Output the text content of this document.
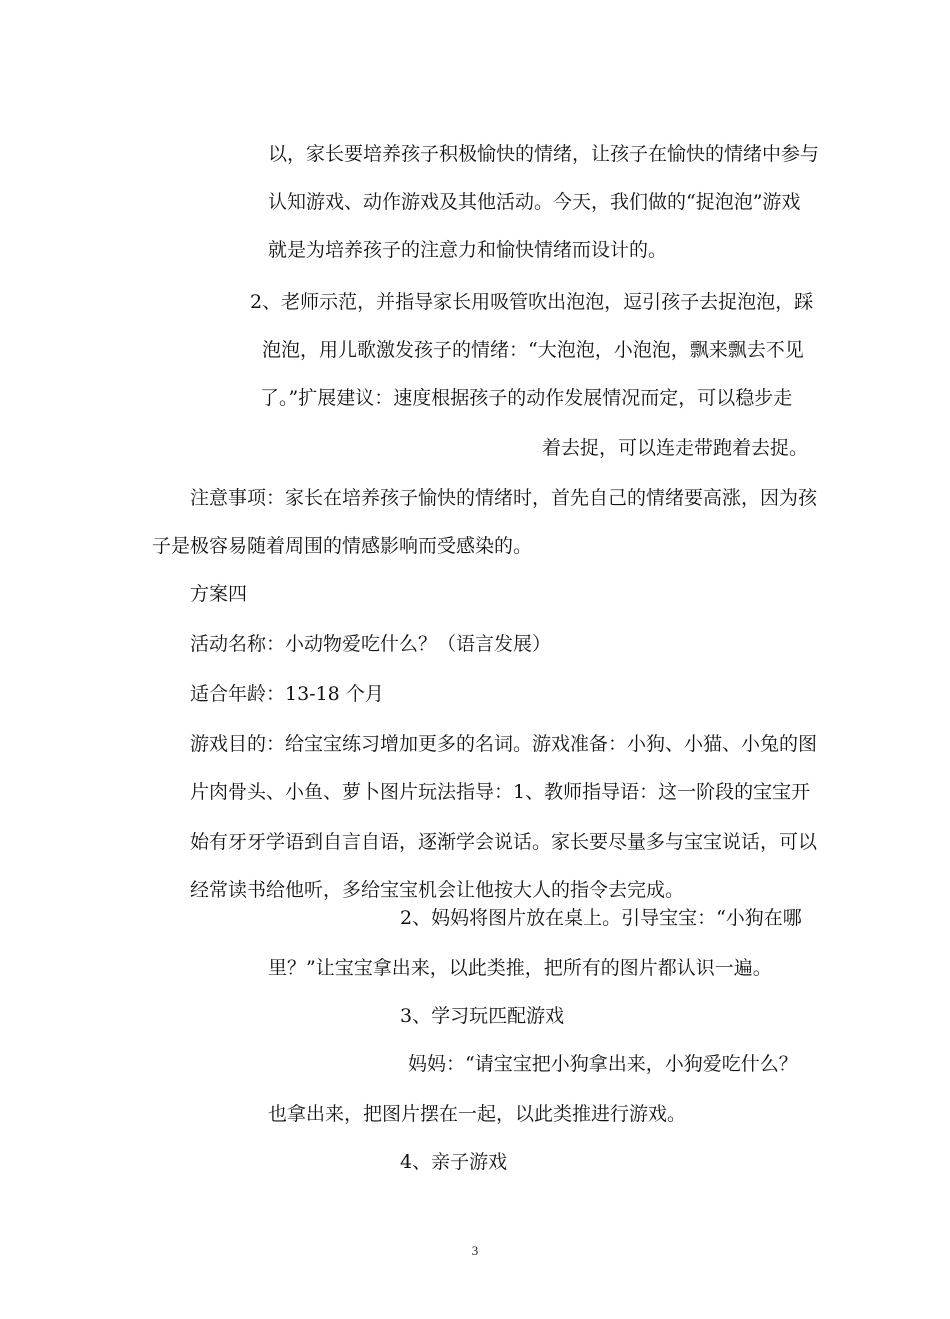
以，家长要培养孩子积极愉快的情绪，让孩子在愉快的情绪中参与
认知游戏、动作游戏及其他活动。今天，我们做的“捉泡泡”游戏
就是为培养孩子的注意力和愉快情绪而设计的。
2、老师示范，并指导家长用吸管吹出泡泡，逗引孩子去捉泡泡，踩
泡泡，用儿歌激发孩子的情绪：“大泡泡，小泡泡，飘来飘去不见
了。”扩展建议：速度根据孩子的动作发展情况而定，可以稳步走
着去捉，可以连走带跑着去捉。
注意事项：家长在培养孩子愉快的情绪时，首先自己的情绪要高涨，因为孩
子是极容易随着周围的情感影响而受感染的。
方案四
活动名称：小动物爱吃什么？（语言发展）
适合年龄：13-18 个月
游戏目的：给宝宝练习增加更多的名词。游戏准备：小狗、小猫、小兔的图
片肉骨头、小鱼、萝卜图片玩法指导：1、教师指导语：这一阶段的宝宝开
始有牙牙学语到自言自语，逐渐学会说话。家长要尽量多与宝宝说话，可以
经常读书给他听，多给宝宝机会让他按大人的指令去完成。
2、妈妈将图片放在桌上。引导宝宝：“小狗在哪
里？”让宝宝拿出来，以此类推，把所有的图片都认识一遍。
3、学习玩匹配游戏
妈妈：“请宝宝把小狗拿出来，小狗爱吃什么？
也拿出来，把图片摆在一起，以此类推进行游戏。
4、亲子游戏
3
